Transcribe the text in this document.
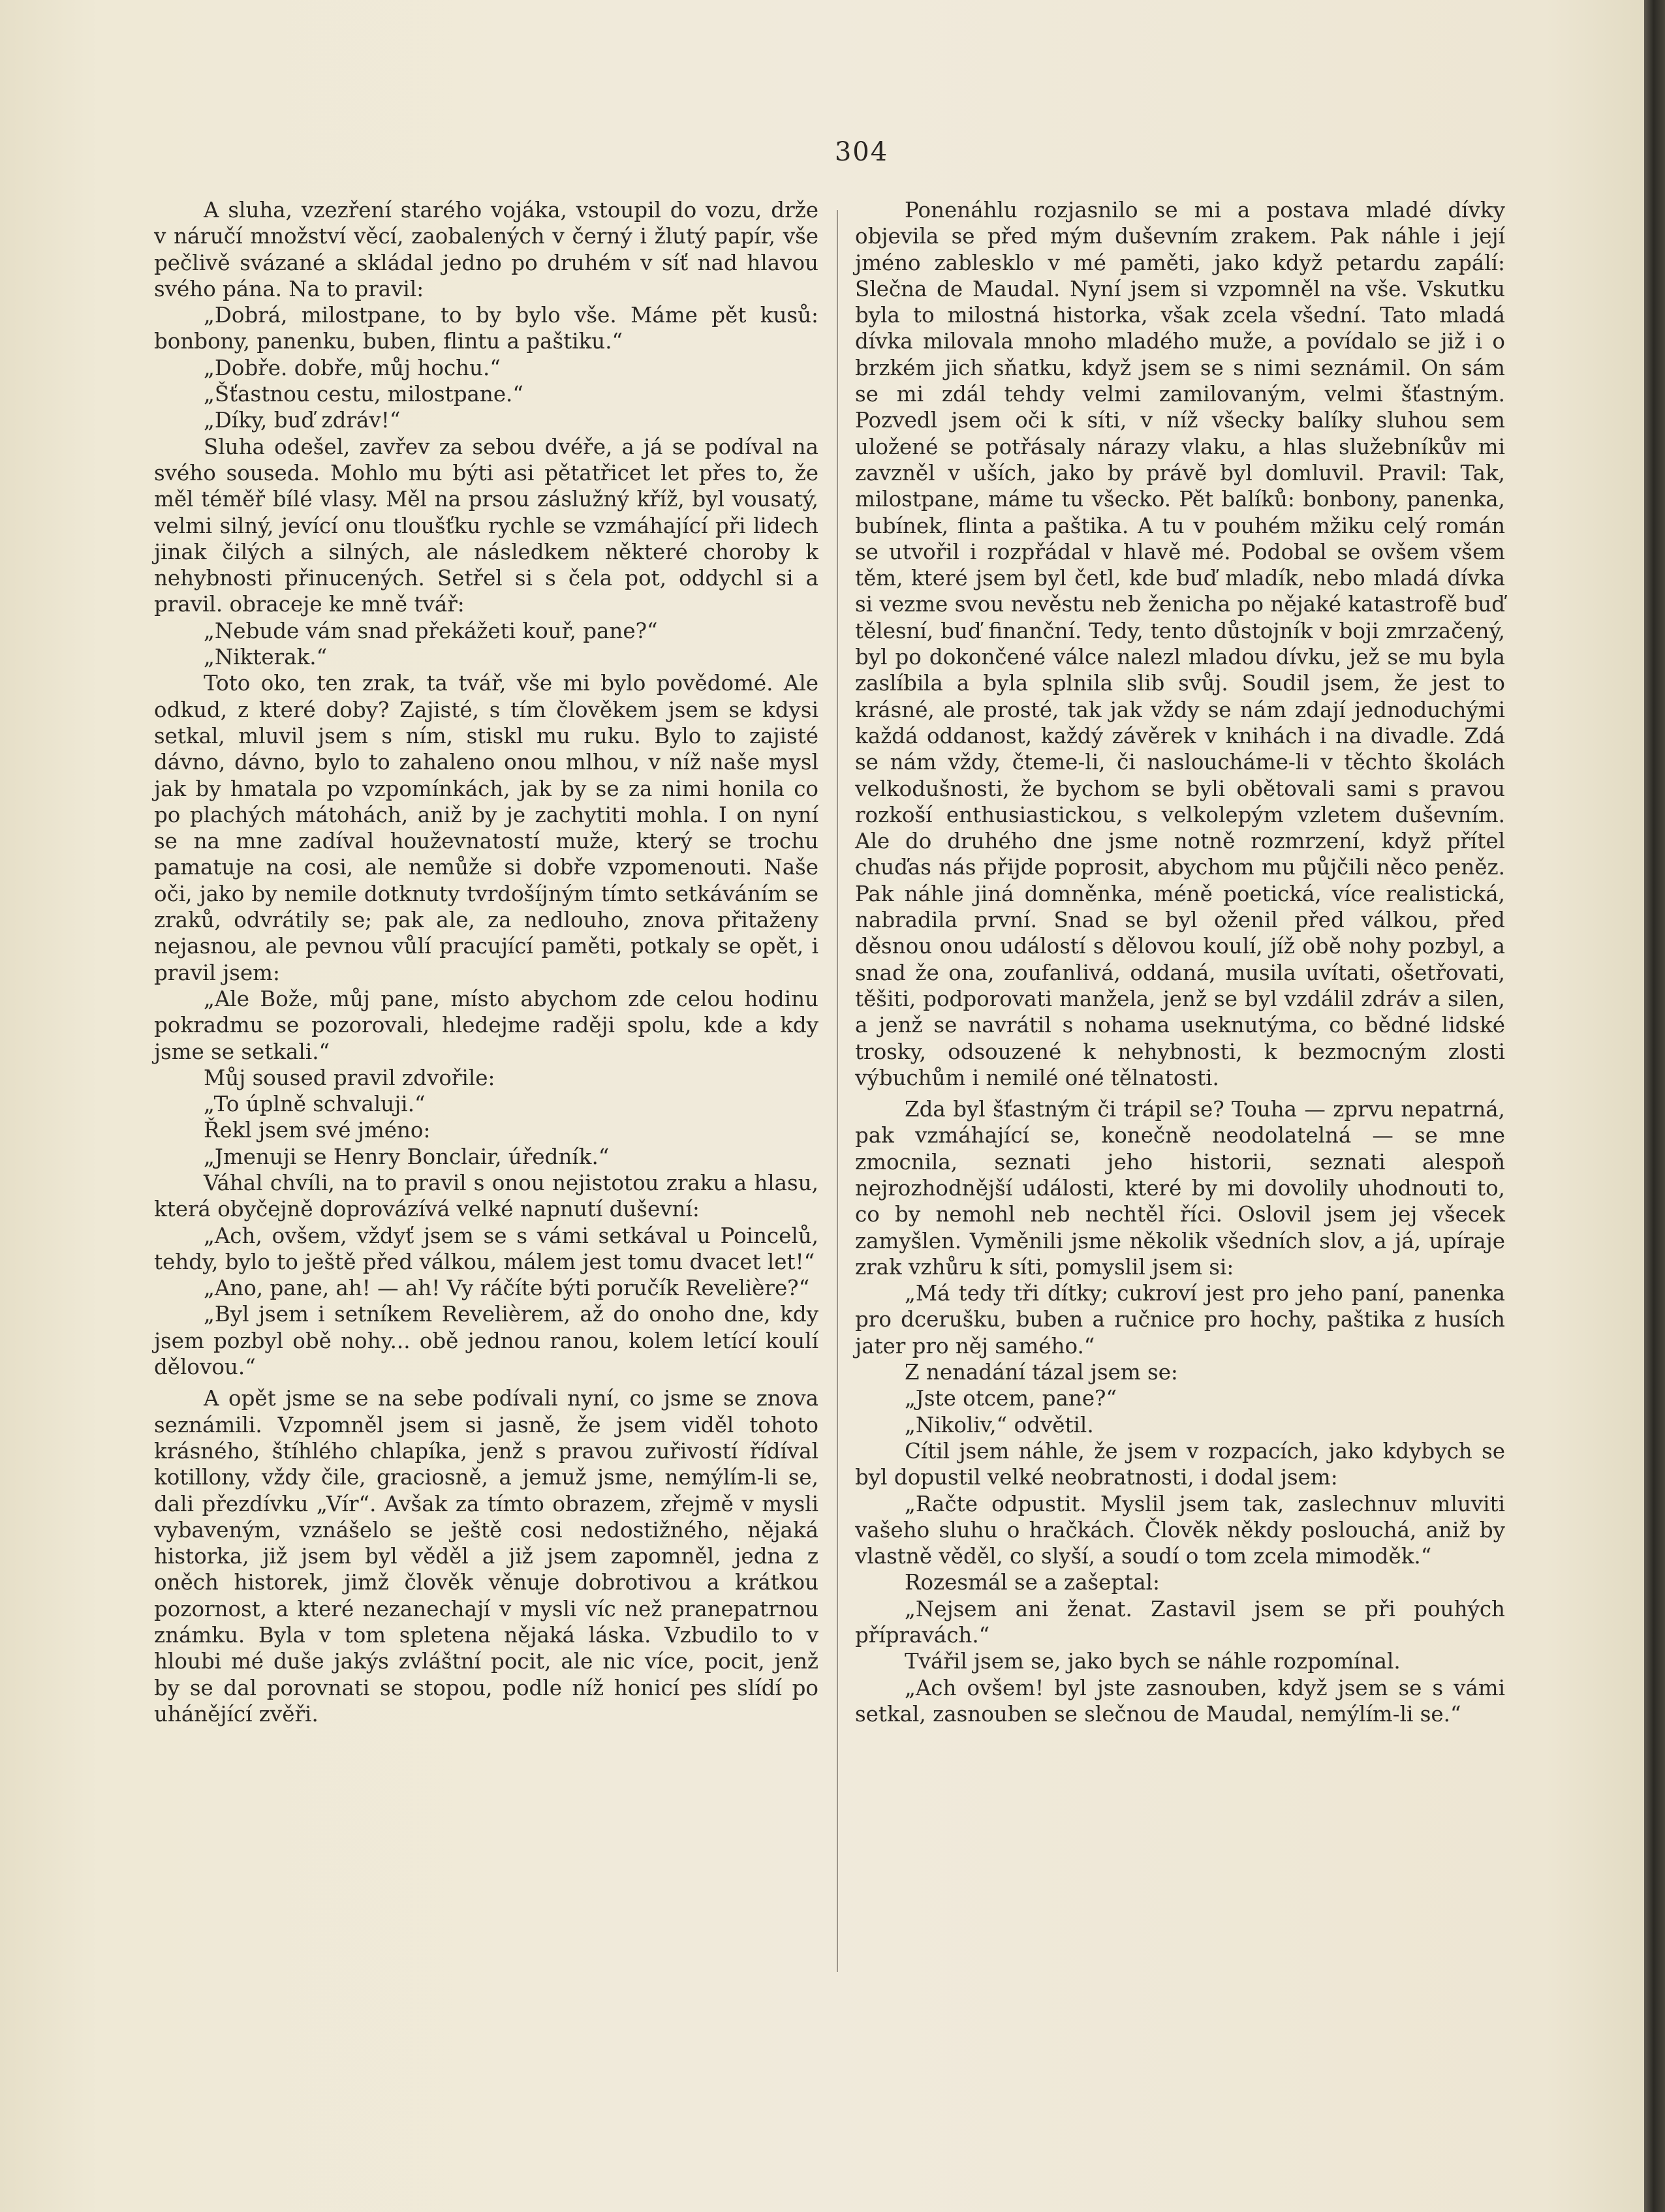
304

A sluha, vzezření starého vojáka, vstoupil do vozu, drže v náručí množství věcí, zaobalených v černý i žlutý papír, vše pečlivě svázané a skládal jedno po druhém v síť nad hlavou svého pána. Na to pravil:

„Dobrá, milostpane, to by bylo vše. Máme pět kusů: bonbony, panenku, buben, flintu a paštiku.“

„Dobře. dobře, můj hochu.“

„Šťastnou cestu, milostpane.“

„Díky, buď zdráv!“

Sluha odešel, zavřev za sebou dvéře, a já se podíval na svého souseda. Mohlo mu býti asi pětatřicet let přes to, že měl téměř bílé vlasy. Měl na prsou záslužný kříž, byl vousatý, velmi silný, jevící onu tloušťku rychle se vzmáhající při lidech jinak čilých a silných, ale následkem některé choroby k nehybnosti přinucených. Setřel si s čela pot, oddychl si a pravil. obraceje ke mně tvář:

„Nebude vám snad překážeti kouř, pane?“

„Nikterak.“

Toto oko, ten zrak, ta tvář, vše mi bylo povědomé. Ale odkud, z které doby? Zajisté, s tím člověkem jsem se kdysi setkal, mluvil jsem s ním, stiskl mu ruku. Bylo to zajisté dávno, dávno, bylo to zahaleno onou mlhou, v níž naše mysl jak by hmatala po vzpomínkách, jak by se za nimi honila co po plachých mátohách, aniž by je zachytiti mohla. I on nyní se na mne zadíval houževnatostí muže, který se trochu pamatuje na cosi, ale nemůže si dobře vzpomenouti. Naše oči, jako by nemile dotknuty tvrdošíjným tímto setkáváním se zraků, odvrátily se; pak ale, za nedlouho, znova přitaženy nejasnou, ale pevnou vůlí pracující paměti, potkaly se opět, i pravil jsem:

„Ale Bože, můj pane, místo abychom zde celou hodinu pokradmu se pozorovali, hledejme raději spolu, kde a kdy jsme se setkali.“

Můj soused pravil zdvořile:

„To úplně schvaluji.“

Řekl jsem své jméno:

„Jmenuji se Henry Bonclair, úředník.“

Váhal chvíli, na to pravil s onou nejistotou zraku a hlasu, která obyčejně doprovázívá velké napnutí duševní:

„Ach, ovšem, vždyť jsem se s vámi setkával u Poincelů, tehdy, bylo to ještě před válkou, málem jest tomu dvacet let!“

„Ano, pane, ah! — ah! Vy ráčíte býti poručík Revelière?“

„Byl jsem i setníkem Revelièrem, až do onoho dne, kdy jsem pozbyl obě nohy... obě jednou ranou, kolem letící koulí dělovou.“

A opět jsme se na sebe podívali nyní, co jsme se znova seznámili. Vzpomněl jsem si jasně, že jsem viděl tohoto krásného, štíhlého chlapíka, jenž s pravou zuřivostí řídíval kotillony, vždy čile, graciosně, a jemuž jsme, nemýlím-li se, dali přezdívku „Vír“. Avšak za tímto obrazem, zřejmě v mysli vybaveným, vznášelo se ještě cosi nedostižného, nějaká historka, již jsem byl věděl a již jsem zapomněl, jedna z oněch historek, jimž člověk věnuje dobrotivou a krátkou pozornost, a které nezanechají v mysli víc než pranepatrnou známku. Byla v tom spletena nějaká láska. Vzbudilo to v hloubi mé duše jakýs zvláštní pocit, ale nic více, pocit, jenž by se dal porovnati se stopou, podle níž honicí pes slídí po uhánějící zvěři.

Ponenáhlu rozjasnilo se mi a postava mladé dívky objevila se před mým duševním zrakem. Pak náhle i její jméno zablesklo v mé paměti, jako když petardu zapálí: Slečna de Maudal. Nyní jsem si vzpomněl na vše. Vskutku byla to milostná historka, však zcela všední. Tato mladá dívka milovala mnoho mladého muže, a povídalo se již i o brzkém jich sňatku, když jsem se s nimi seznámil. On sám se mi zdál tehdy velmi zamilovaným, velmi šťastným. Pozvedl jsem oči k síti, v níž všecky balíky sluhou sem uložené se potřásaly nárazy vlaku, a hlas služebníkův mi zavzněl v uších, jako by právě byl domluvil. Pravil: Tak, milostpane, máme tu všecko. Pět balíků: bonbony, panenka, bubínek, flinta a paštika. A tu v pouhém mžiku celý román se utvořil i rozpřádal v hlavě mé. Podobal se ovšem všem těm, které jsem byl četl, kde buď mladík, nebo mladá dívka si vezme svou nevěstu neb ženicha po nějaké katastrofě buď tělesní, buď finanční. Tedy, tento důstojník v boji zmrzačený, byl po dokončené válce nalezl mladou dívku, jež se mu byla zaslíbila a byla splnila slib svůj. Soudil jsem, že jest to krásné, ale prosté, tak jak vždy se nám zdají jednoduchými každá oddanost, každý závěrek v knihách i na divadle. Zdá se nám vždy, čteme-li, či nasloucháme-li v těchto školách velkodušnosti, že bychom se byli obětovali sami s pravou rozkoší enthusiastickou, s velkolepým vzletem duševním. Ale do druhého dne jsme notně rozmrzení, když přítel chuďas nás přijde poprosit, abychom mu půjčili něco peněz. Pak náhle jiná domněnka, méně poetická, více realistická, nabradila první. Snad se byl oženil před válkou, před děsnou onou událostí s dělovou koulí, jíž obě nohy pozbyl, a snad že ona, zoufanlivá, oddaná, musila uvítati, ošetřovati, těšiti, podporovati manžela, jenž se byl vzdálil zdráv a silen, a jenž se navrátil s nohama useknutýma, co bědné lidské trosky, odsouzené k nehybnosti, k bezmocným zlosti výbuchům i nemilé oné tělnatosti.

Zda byl šťastným či trápil se? Touha — zprvu nepatrná, pak vzmáhající se, konečně neodolatelná — se mne zmocnila, seznati jeho historii, seznati alespoň nejrozhodnější události, které by mi dovolily uhodnouti to, co by nemohl neb nechtěl říci. Oslovil jsem jej všecek zamyšlen. Vyměnili jsme několik všedních slov, a já, upíraje zrak vzhůru k síti, pomyslil jsem si:

„Má tedy tři dítky; cukroví jest pro jeho paní, panenka pro dcerušku, buben a ručnice pro hochy, paštika z husích jater pro něj samého.“

Z nenadání tázal jsem se:

„Jste otcem, pane?“

„Nikoliv,“ odvětil.

Cítil jsem náhle, že jsem v rozpacích, jako kdybych se byl dopustil velké neobratnosti, i dodal jsem:

„Račte odpustit. Myslil jsem tak, zaslechnuv mluviti vašeho sluhu o hračkách. Člověk někdy poslouchá, aniž by vlastně věděl, co slyší, a soudí o tom zcela mimoděk.“

Rozesmál se a zašeptal:

„Nejsem ani ženat. Zastavil jsem se při pouhých přípravách.“

Tvářil jsem se, jako bych se náhle rozpomínal.

„Ach ovšem! byl jste zasnouben, když jsem se s vámi setkal, zasnouben se slečnou de Maudal, nemýlím-li se.“
